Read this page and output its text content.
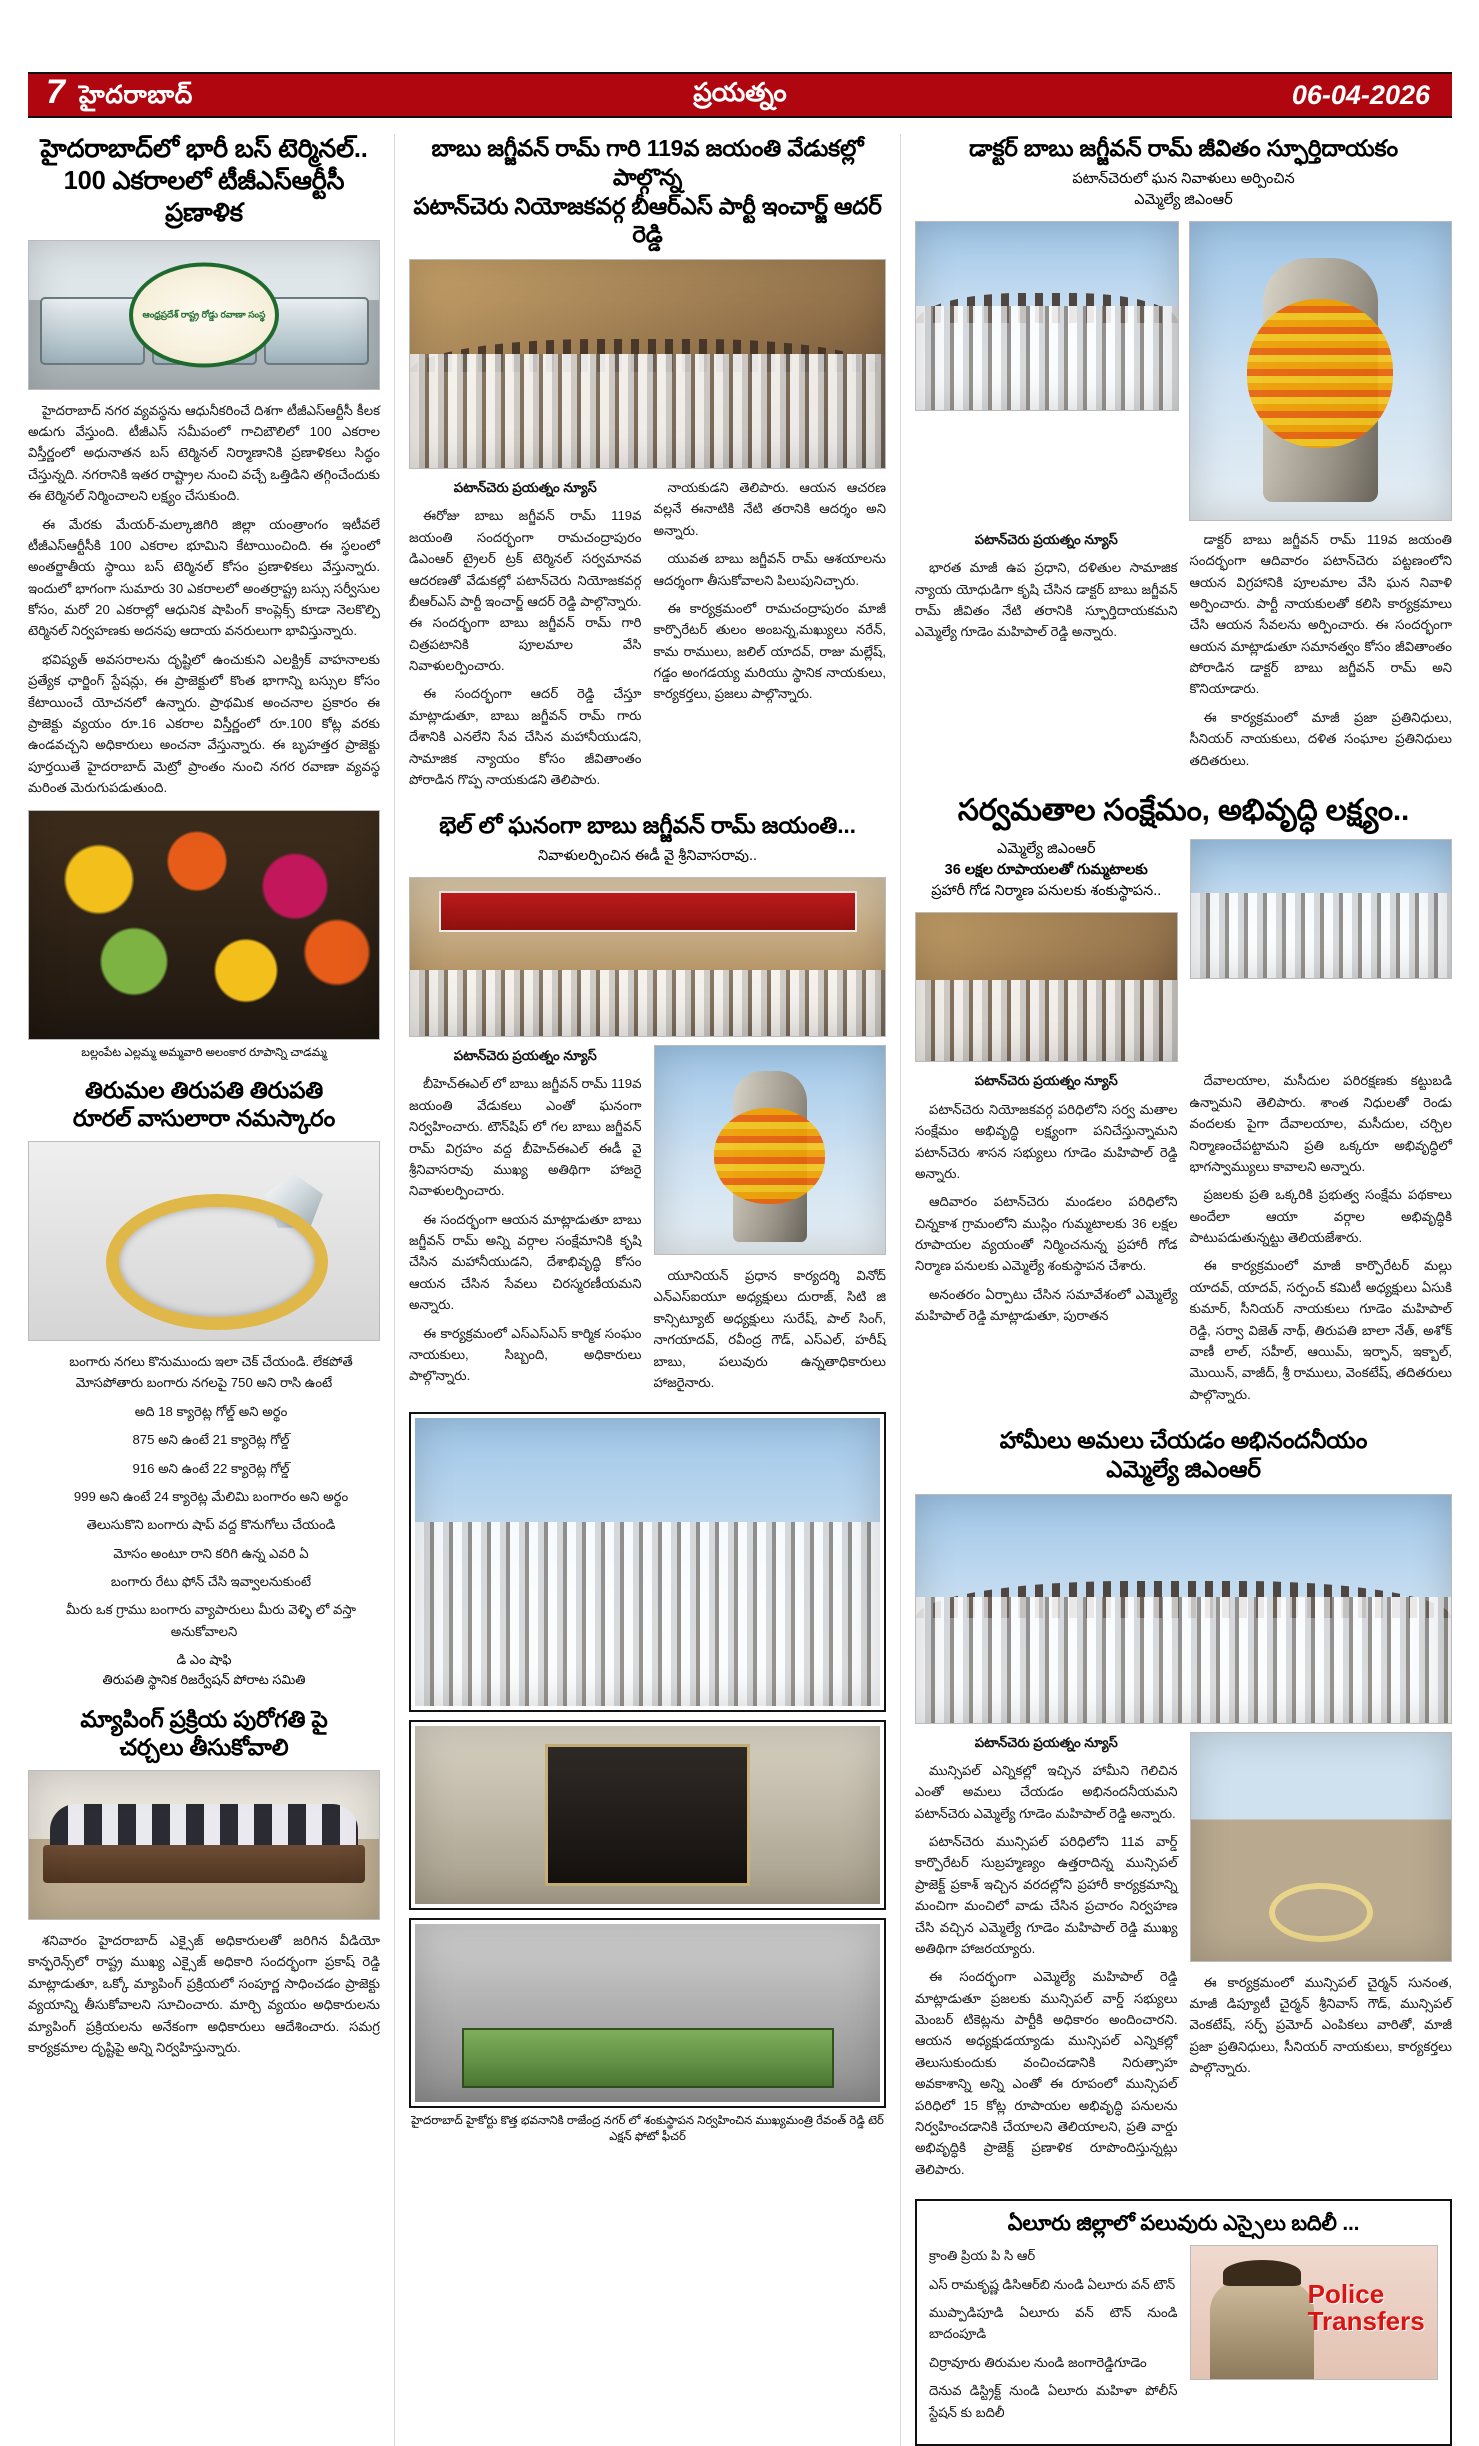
7 హైదరాబాద్	ప్రయత్నం	06-04-2026
హైదరాబాద్‌లో భారీ బస్ టెర్మినల్..
100 ఎకరాలలో టీజీఎస్ఆర్టీసీ ప్రణాళిక
ఆంధ్రప్రదేశ్ రాష్ట్ర రోడ్డు రవాణా సంస్థ

హైదరాబాద్ నగర వ్యవస్థను ఆధునీకరించే దిశగా టీజీఎస్ఆర్టీసీ కీలక అడుగు వేస్తుంది. టీజీఎస్ సమీపంలో గాచిబౌలిలో 100 ఎకరాల విస్తీర్ణంలో అధునాతన బస్ టెర్మినల్ నిర్మాణానికి ప్రణాళికలు సిద్ధం చేస్తున్నది. నగరానికి ఇతర రాష్ట్రాల నుంచి వచ్చే ఒత్తిడిని తగ్గించేందుకు ఈ టెర్మినల్ నిర్మించాలని లక్ష్యం చేసుకుంది.

ఈ మేరకు మేయర్-మల్కాజిగిరి జిల్లా యంత్రాంగం ఇటీవలే టీజీఎస్ఆర్టీసీకి 100 ఎకరాల భూమిని కేటాయించింది. ఈ స్థలంలో అంతర్జాతీయ స్థాయి బస్ టెర్మినల్ కోసం ప్రణాళికలు వేస్తున్నారు. ఇందులో భాగంగా సుమారు 30 ఎకరాలలో అంతర్రాష్ట్ర బస్సు సర్వీసుల కోసం, మరో 20 ఎకరాల్లో ఆధునిక షాపింగ్ కాంప్లెక్స్ కూడా నెలకొల్పి టెర్మినల్ నిర్వహణకు అదనపు ఆదాయ వనరులుగా భావిస్తున్నారు.

భవిష్యత్ అవసరాలను దృష్టిలో ఉంచుకుని ఎలక్ట్రిక్ వాహనాలకు ప్రత్యేక ఛార్జింగ్ స్టేషన్లు, ఈ ప్రాజెక్టులో కొంత భాగాన్ని బస్సుల కోసం కేటాయించే యోచనలో ఉన్నారు. ప్రాథమిక అంచనాల ప్రకారం ఈ ప్రాజెక్టు వ్యయం రూ.16 ఎకరాల విస్తీర్ణంలో రూ.100 కోట్ల వరకు ఉండవచ్చని అధికారులు అంచనా వేస్తున్నారు. ఈ బృహత్తర ప్రాజెక్టు పూర్తయితే హైదరాబాద్ మెట్రో ప్రాంతం నుంచి నగర రవాణా వ్యవస్థ మరింత మెరుగుపడుతుంది.

బల్లంపేట ఎల్లమ్మ అమ్మవారి అలంకార రూపాన్ని చాడమ్మ
తిరుమల తిరుపతి తిరుపతి
రూరల్ వాసులారా నమస్కారం

బంగారు నగలు కొనుముందు ఇలా చెక్ చేయండి. లేకపోతే మోసపోతారు బంగారు నగలపై 750 అని రాసి ఉంటే

అది 18 క్యారెట్ల గోల్డ్ అని అర్థం

875 అని ఉంటే 21 క్యారెట్ల గోల్డ్

916 అని ఉంటే 22 క్యారెట్ల గోల్డ్

999 అని ఉంటే 24 క్యారెట్ల మేలిమి బంగారం అని అర్థం

తెలుసుకొని బంగారు షాప్ వద్ద కొనుగోలు చేయండి

మోసం అంటూ రాని కరిగి ఉన్న ఎవరి ఏ

బంగారు రేటు ఫోన్ చేసి ఇవ్వాలనుకుంటే

మీరు ఒక గ్రాము బంగారు వ్యాపారులు మీరు వెళ్ళి లో వస్తా అనుకోవాలని

డి ఎం షాఫి
తిరుపతి స్థానిక రిజర్వేషన్ పోరాట సమితి
మ్యాపింగ్ ప్రక్రియ పురోగతి పై
చర్చలు తీసుకోవాలి

శనివారం హైదరాబాద్ ఎక్సైజ్ అధికారులతో జరిగిన వీడియో కాన్ఫరెన్స్‌లో రాష్ట్ర ముఖ్య ఎక్సైజ్ అధికారి సందర్భంగా ప్రకాష్ రెడ్డి మాట్లాడుతూ, ఒక్కో మ్యాపింగ్ ప్రక్రియలో సంపూర్ణ సాధించడం ప్రాజెక్టు వ్యయాన్ని తీసుకోవాలని సూచించారు. మార్చి వ్యయం అధికారులను మ్యాపింగ్ ప్రక్రియలను అనేకంగా అధికారులు ఆదేశించారు. సమగ్ర కార్యక్రమాల దృష్టిపై అన్ని నిర్వహిస్తున్నారు.

బాబు జగ్జీవన్ రామ్ గారి 119వ జయంతి వేడుకల్లో పాల్గొన్న
పటాన్‌చెరు నియోజకవర్గ బీఆర్ఎస్ పార్టీ ఇంచార్జ్ ఆదర్ రెడ్డి

పటాన్‌చెరు ప్రయత్నం న్యూస్

ఈరోజు బాబు జగ్జీవన్ రామ్ 119వ జయంతి సందర్భంగా రామచంద్రాపురం డిఎంఆర్ ట్రైలర్ ట్రక్ టెర్మినల్ సర్వమానవ ఆదరణతో వేడుకల్లో పటాన్‌చెరు నియోజకవర్గ బీఆర్ఎస్ పార్టీ ఇంచార్జ్ ఆదర్ రెడ్డి పాల్గొన్నారు. ఈ సందర్భంగా బాబు జగ్జీవన్ రామ్ గారి చిత్రపటానికి పూలమాల వేసి నివాళులర్పించారు.

ఈ సందర్భంగా ఆదర్ రెడ్డి చేస్తూ మాట్లాడుతూ, బాబు జగ్జీవన్ రామ్ గారు దేశానికి ఎనలేని సేవ చేసిన మహానీయుడని, సామాజిక న్యాయం కోసం జీవితాంతం పోరాడిన గొప్ప నాయకుడని తెలిపారు.

నాయకుడని తెలిపారు. ఆయన ఆచరణ వల్లనే ఈనాటికి నేటి తరానికి ఆదర్శం అని అన్నారు.

యువత బాబు జగ్జీవన్ రామ్ ఆశయాలను ఆదర్శంగా తీసుకోవాలని పిలుపునిచ్చారు.

ఈ కార్యక్రమంలో రామచంద్రాపురం మాజీ కార్పొరేటర్ తులం అంబన్న,మఖ్యులు నరేన్, కామ రాములు, జలిల్ యాదవ్, రాజు మల్లేష్, గడ్డం అంగడయ్య మరియు స్థానిక నాయకులు, కార్యకర్తలు, ప్రజలు పాల్గొన్నారు.

భెల్ లో ఘనంగా బాబు జగ్జీవన్ రామ్ జయంతి...
నివాళులర్పించిన ఈడీ వై శ్రీనివాసరావు..

పటాన్‌చెరు ప్రయత్నం న్యూస్

బీహెచ్ఈఎల్ లో బాబు జగ్జీవన్ రామ్ 119వ జయంతి వేడుకలు ఎంతో ఘనంగా నిర్వహించారు. టౌన్‌షిప్ లో గల బాబు జగ్జీవన్ రామ్ విగ్రహం వద్ద బీహెచ్ఈఎల్ ఈడీ వై శ్రీనివాసరావు ముఖ్య అతిథిగా హాజరై నివాళులర్పించారు.

ఈ సందర్భంగా ఆయన మాట్లాడుతూ బాబు జగ్జీవన్ రామ్ అన్ని వర్గాల సంక్షేమానికి కృషి చేసిన మహానీయుడని, దేశాభివృద్ధి కోసం ఆయన చేసిన సేవలు చిరస్మరణీయమని అన్నారు.

ఈ కార్యక్రమంలో ఎస్ఎస్ఎస్ కార్మిక సంఘం నాయకులు, సిబ్బంది, అధికారులు పాల్గొన్నారు.

యూనియన్ ప్రధాన కార్యదర్శి వినోద్ ఎన్ఎస్ఐయూ అధ్యక్షులు దురాజ్, సిటి జి కాన్సిట్యూట్ అధ్యక్షులు సురేష్, పాల్ సింగ్, నాగయాదవ్, రవీంద్ర గౌడ్, ఎస్ఎల్, హరీష్ బాబు, పలువురు ఉన్నతాధికారులు హాజరైనారు.

హైదరాబాద్ హైకోర్టు కొత్త భవనానికి రాజేంద్ర నగర్ లో శంకుస్థాపన నిర్వహించిన ముఖ్యమంత్రి రేవంత్ రెడ్డి టెర్ ఎక్షన్ ఫోటో ఫీచర్
డాక్టర్ బాబు జగ్జీవన్ రామ్ జీవితం స్ఫూర్తిదాయకం
పటాన్‌చెరులో ఘన నివాళులు అర్పించిన
ఎమ్మెల్యే జిఎంఆర్

పటాన్‌చెరు ప్రయత్నం న్యూస్

భారత మాజీ ఉప ప్రధాని, దళితుల సామాజిక న్యాయ యోధుడిగా కృషి చేసిన డాక్టర్ బాబు జగ్జీవన్ రామ్ జీవితం నేటి తరానికి స్ఫూర్తిదాయకమని ఎమ్మెల్యే గూడెం మహిపాల్ రెడ్డి అన్నారు.

డాక్టర్ బాబు జగ్జీవన్ రామ్ 119వ జయంతి సందర్భంగా ఆదివారం పటాన్‌చెరు పట్టణంలోని ఆయన విగ్రహానికి పూలమాల వేసి ఘన నివాళి అర్పించారు. పార్టీ నాయకులతో కలిసి కార్యక్రమాలు చేసి ఆయన సేవలను అర్పించారు. ఈ సందర్భంగా ఆయన మాట్లాడుతూ సమానత్వం కోసం జీవితాంతం పోరాడిన డాక్టర్ బాబు జగ్జీవన్ రామ్ అని కొనియాడారు.

ఈ కార్యక్రమంలో మాజీ ప్రజా ప్రతినిధులు, సీనియర్ నాయకులు, దళిత సంఘాల ప్రతినిధులు తదితరులు.

సర్వమతాల సంక్షేమం, అభివృద్ధి లక్ష్యం..
ఎమ్మెల్యే జిఎంఆర్
36 లక్షల రూపాయలతో గుమ్మటాలకు
ప్రహారీ గోడ నిర్మాణ పనులకు శంకుస్థాపన..

పటాన్‌చెరు ప్రయత్నం న్యూస్

పటాన్‌చెరు నియోజకవర్గ పరిధిలోని సర్వ మతాల సంక్షేమం అభివృద్ధి లక్ష్యంగా పనిచేస్తున్నామని పటాన్‌చెరు శాసన సభ్యులు గూడెం మహిపాల్ రెడ్డి అన్నారు.

ఆదివారం పటాన్‌చెరు మండలం పరిధిలోని చిన్నకాశ గ్రామంలోని ముస్లిం గుమ్మటాలకు 36 లక్షల రూపాయల వ్యయంతో నిర్మించనున్న ప్రహారీ గోడ నిర్మాణ పనులకు ఎమ్మెల్యే శంకుస్థాపన చేశారు.

అనంతరం ఏర్పాటు చేసిన సమావేశంలో ఎమ్మెల్యే మహిపాల్ రెడ్డి మాట్లాడుతూ, పురాతన

దేవాలయాల, మసీదుల పరిరక్షణకు కట్టుబడి ఉన్నామని తెలిపారు. శాంత నిధులతో రెండు వందలకు పైగా దేవాలయాల, మసీదుల, చర్చిల నిర్మాణంచేపట్టామని ప్రతి ఒక్కరూ అభివృద్ధిలో భాగస్వామ్యులు కావాలని అన్నారు.

ప్రజలకు ప్రతి ఒక్కరికి ప్రభుత్వ సంక్షేమ పథకాలు అందేలా ఆయా వర్గాల అభివృద్ధికి పాటుపడుతున్నట్టు తెలియజేశారు.

ఈ కార్యక్రమంలో మాజీ కార్పొరేటర్ మల్లు యాదవ్, యాదవ్, సర్పంచ్ కమిటీ అధ్యక్షులు ఏసుకి కుమార్, సీనియర్ నాయకులు గూడెం మహిపాల్ రెడ్డి, సర్వా విజెత్ నాథ్, తిరుపతి బాలా నేత్, అశోక్ వాణీ లాల్, సహీల్, ఆయిమ్, ఇర్ఫాన్, ఇక్బాల్, మొయిన్, వాజీద్, శ్రీ రాములు, వెంకటేష్, తదితరులు పాల్గొన్నారు.

హామీలు అమలు చేయడం అభినందనీయం
ఎమ్మెల్యే జిఎంఆర్

పటాన్‌చెరు ప్రయత్నం న్యూస్

మున్సిపల్ ఎన్నికల్లో ఇచ్చిన హామీని గెలిచిన ఎంతో అమలు చేయడం అభినందనీయమని పటాన్‌చెరు ఎమ్మెల్యే గూడెం మహిపాల్ రెడ్డి అన్నారు.

పటాన్‌చెరు మున్సిపల్ పరిధిలోని 11వ వార్డ్ కార్పొరేటర్ సుబ్రహ్మణ్యం ఉత్తరాదిన్న మున్సిపల్ ప్రాజెక్ట్ ప్రకాశ్ ఇచ్చిన వరదల్లోని ప్రహారీ కార్యక్రమాన్ని మంచిగా మంచిలో వాడు చేసిన ప్రచారం నిర్వహణ చేసి వచ్చిన ఎమ్మెల్యే గూడెం మహిపాల్ రెడ్డి ముఖ్య అతిథిగా హాజరయ్యారు.

ఈ సందర్భంగా ఎమ్మెల్యే మహిపాల్ రెడ్డి మాట్లాడుతూ ప్రజలకు మున్సిపల్ వార్డ్ సభ్యులు మెంబర్ టికెట్లను పార్టీకి అధికారం అందించారని. ఆయన అధ్యక్షుడయ్యాడు మున్సిపల్ ఎన్నికల్లో తెలుసుకుందుకు వంచించడానికి నిరుత్సాహ అవకాశాన్ని అన్ని ఎంతో ఈ రూపంలో మున్సిపల్ పరిధిలో 15 కోట్ల రూపాయల అభివృద్ధి పనులను నిర్వహించడానికి చేయాలని తెలియాలని, ప్రతి వార్డు అభివృద్ధికి ప్రాజెక్ట్ ప్రణాళిక రూపొందిస్తున్నట్లు తెలిపారు.

ఈ కార్యక్రమంలో మున్సిపల్ చైర్మన్ సునంత, మాజీ డిప్యూటీ చైర్మన్ శ్రీనివాస్ గౌడ్, మున్సిపల్ వెంకటేష్, సర్ప్ ప్రమోద్ ఎంపికలు వారితో, మాజీ ప్రజా ప్రతినిధులు, సీనియర్ నాయకులు, కార్యకర్తలు పాల్గొన్నారు.

ఏలూరు జిల్లాలో పలువురు ఎస్సైలు బదిలీ ...

క్రాంతి ప్రియ పి సి ఆర్

ఎస్ రామకృష్ణ డిసిఆర్‌బి నుండి ఏలూరు వన్ టౌన్

ముప్పాడిపూడి ఏలూరు వన్ టౌన్ నుండి బాదంపూడి

చిర్రావూరు తిరుమల నుండి జంగారెడ్డిగూడెం

దెనువ డిస్ట్రిక్ట్ నుండి ఏలూరు మహిళా పోలీస్ స్టేషన్ కు బదిలీ

Police
Transfers
